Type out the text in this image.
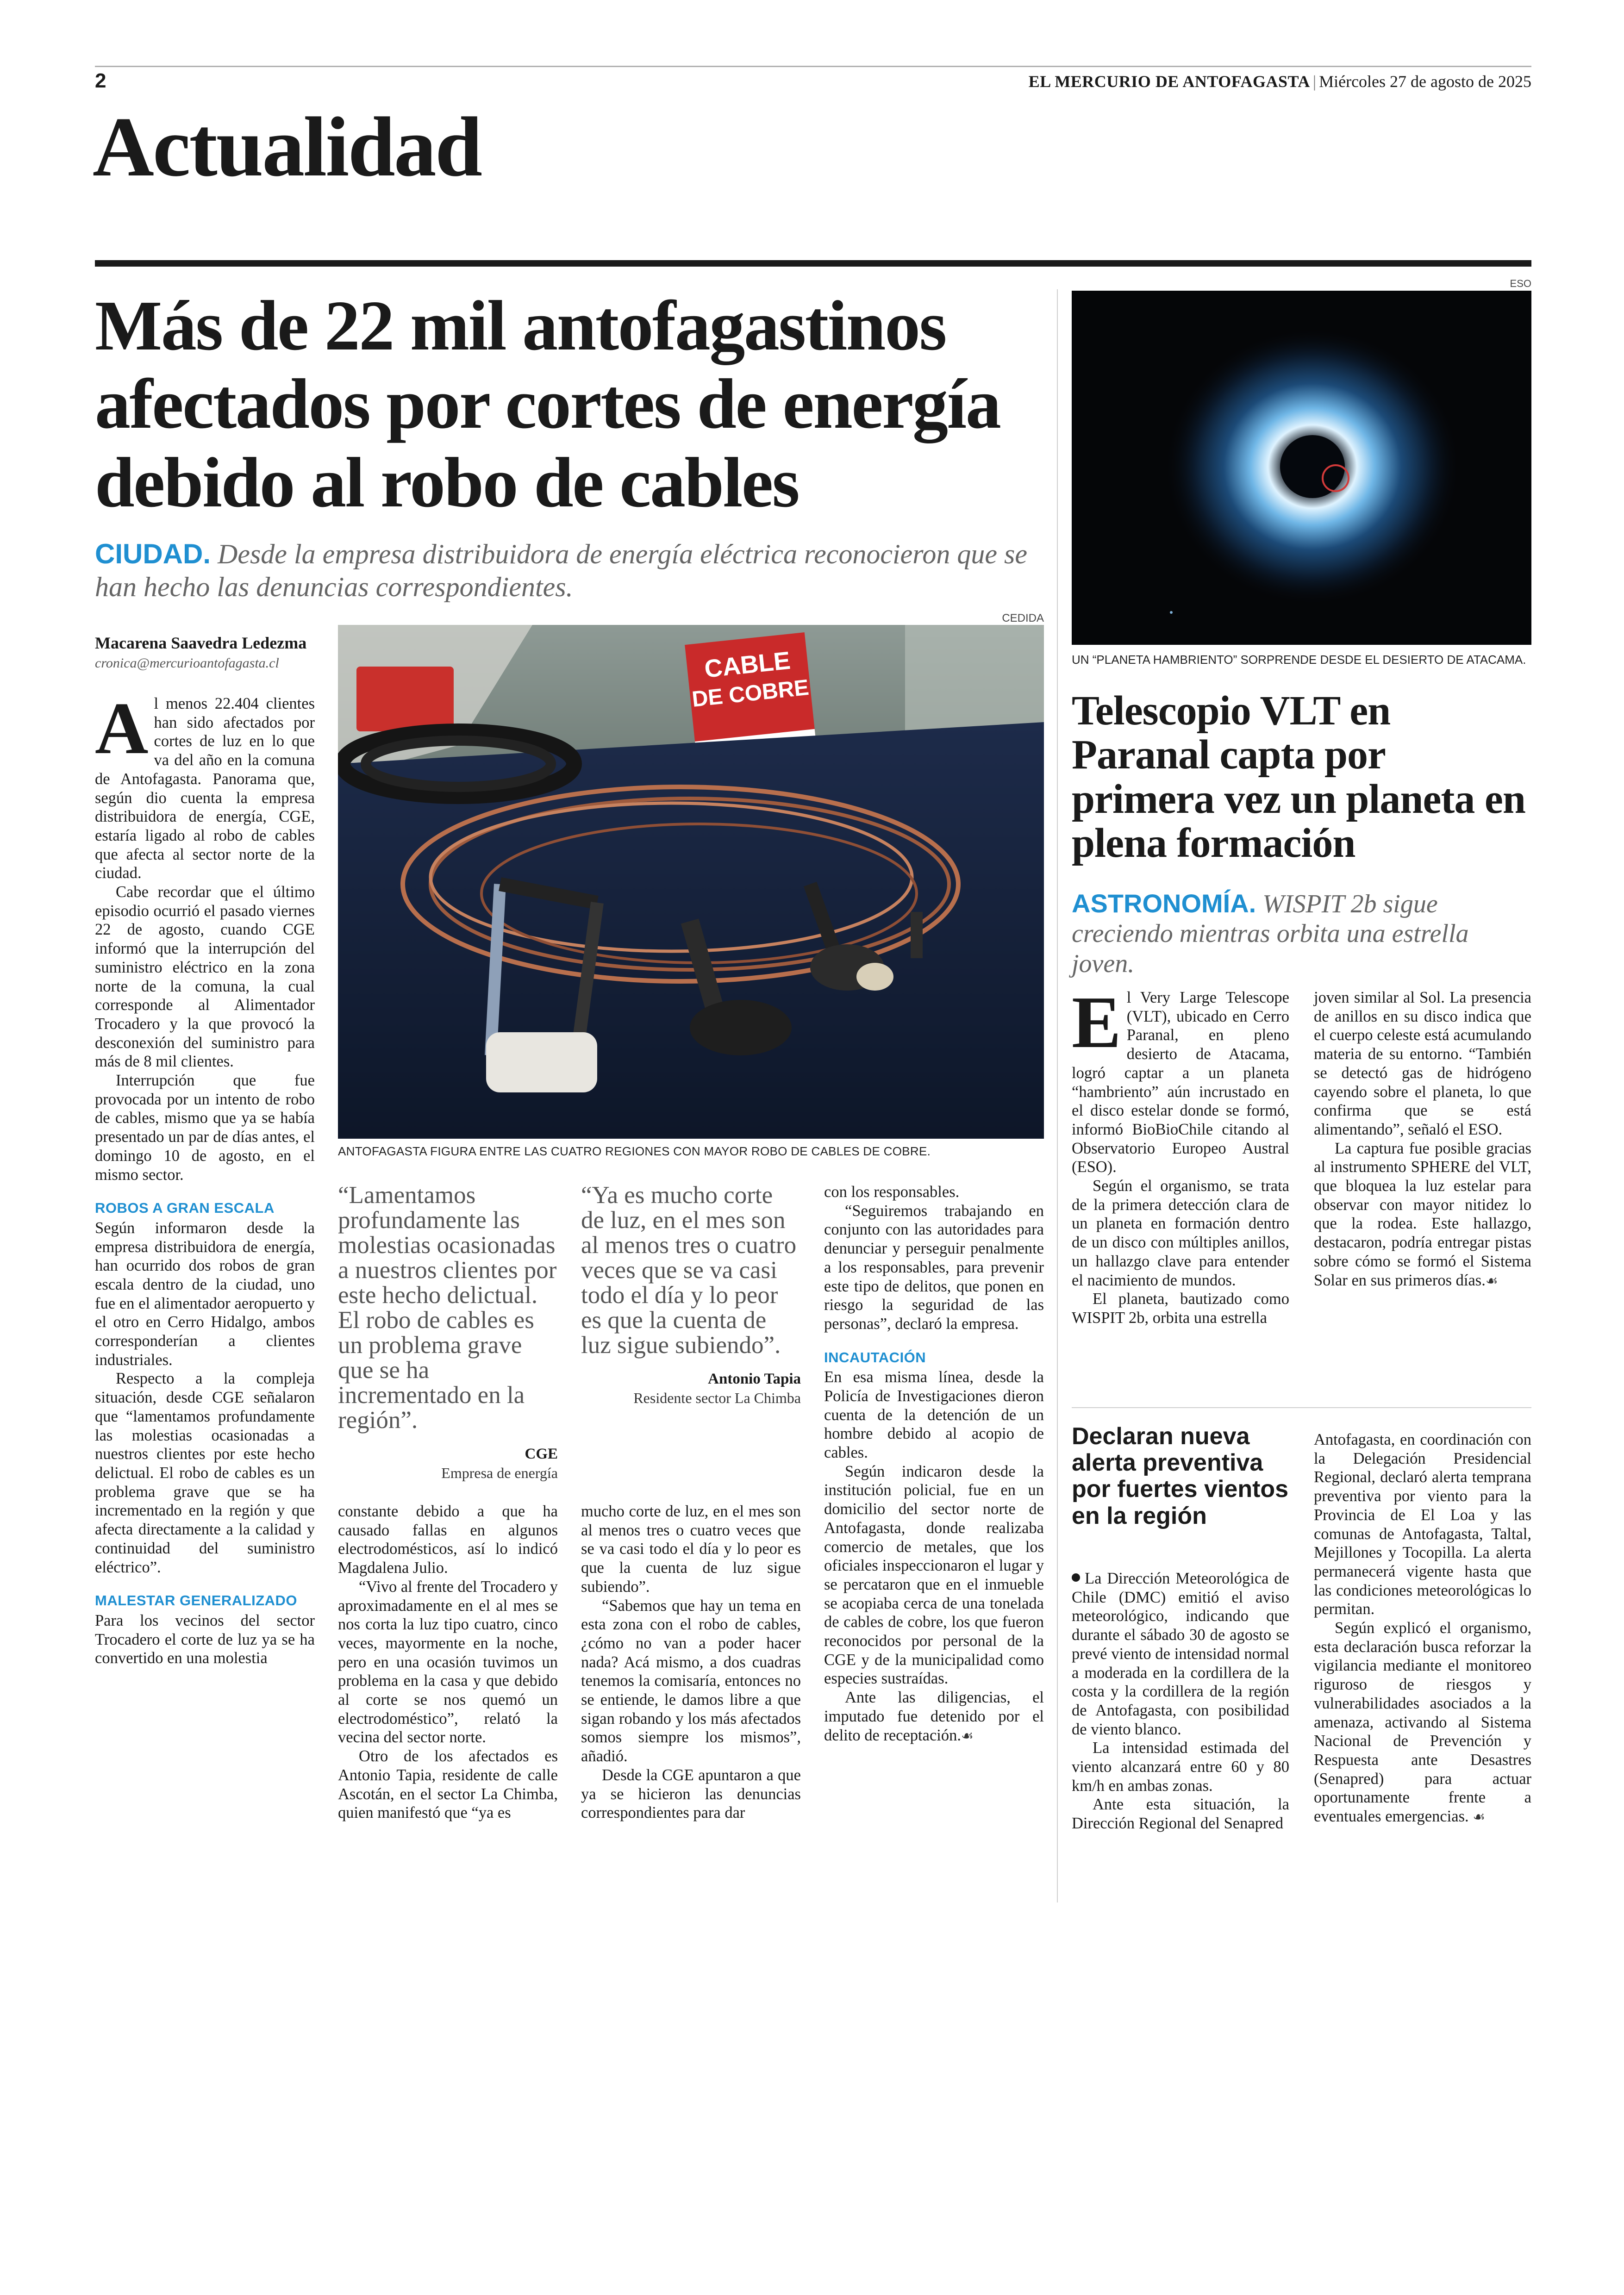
2	EL MERCURIO DE ANTOFAGASTA | Miércoles 27 de agosto de 2025
Actualidad
Más de 22 mil antofagastinos afectados por cortes de energía debido al robo de cables
CIUDAD. Desde la empresa distribuidora de energía eléctrica reconocieron que se han hecho las denuncias correspondientes.
Macarena Saavedra Ledezma
cronica@mercurioantofagasta.cl

Al menos 22.404 clientes han sido afectados por cortes de luz en lo que va del año en la comuna de Antofagasta. Panorama que, según dio cuenta la empresa distribuidora de energía, CGE, estaría ligado al robo de cables que afecta al sector norte de la ciudad.

Cabe recordar que el último episodio ocurrió el pasado viernes 22 de agosto, cuando CGE informó que la interrupción del suministro eléctrico en la zona norte de la comuna, la cual corresponde al Alimentador Trocadero y la que provocó la desconexión del suministro para más de 8 mil clientes.

Interrupción que fue provocada por un intento de robo de cables, mismo que ya se había presentado un par de días antes, el domingo 10 de agosto, en el mismo sector.

ROBOS A GRAN ESCALA

Según informaron desde la empresa distribuidora de energía, han ocurrido dos robos de gran escala dentro de la ciudad, uno fue en el alimentador aeropuerto y el otro en Cerro Hidalgo, ambos corresponderían a clientes industriales.

Respecto a la compleja situación, desde CGE señalaron que “lamentamos profundamente las molestias ocasionadas a nuestros clientes por este hecho delictual. El robo de cables es un problema grave que se ha incrementado en la región y que afecta directamente a la calidad y continuidad del suministro eléctrico”.

MALESTAR GENERALIZADO

Para los vecinos del sector Trocadero el corte de luz ya se ha convertido en una molestia

CEDIDA
CABLE
DE COBRE
ANTOFAGASTA FIGURA ENTRE LAS CUATRO REGIONES CON MAYOR ROBO DE CABLES DE COBRE.
“Lamentamos profundamente las molestias ocasionadas a nuestros clientes por este hecho delictual. El robo de cables es un problema grave que se ha incrementado en la región”.
CGE
Empresa de energía
“Ya es mucho corte de luz, en el mes son al menos tres o cuatro veces que se va casi todo el día y lo peor es que la cuenta de luz sigue subiendo”.
Antonio Tapia
Residente sector La Chimba

constante debido a que ha causado fallas en algunos electrodomésticos, así lo indicó Magdalena Julio.

“Vivo al frente del Trocadero y aproximadamente en el al mes se nos corta la luz tipo cuatro, cinco veces, mayormente en la noche, pero en una ocasión tuvimos un problema en la casa y que debido al corte se nos quemó un electrodoméstico”, relató la vecina del sector norte.

Otro de los afectados es Antonio Tapia, residente de calle Ascotán, en el sector La Chimba, quien manifestó que “ya es

mucho corte de luz, en el mes son al menos tres o cuatro veces que se va casi todo el día y lo peor es que la cuenta de luz sigue subiendo”.

“Sabemos que hay un tema en esta zona con el robo de cables, ¿cómo no van a poder hacer nada? Acá mismo, a dos cuadras tenemos la comisaría, entonces no se entiende, le damos libre a que sigan robando y los más afectados somos siempre los mismos”, añadió.

Desde la CGE apuntaron a que ya se hicieron las denuncias correspondientes para dar

con los responsables.

“Seguiremos trabajando en conjunto con las autoridades para denunciar y perseguir penalmente a los responsables, para prevenir este tipo de delitos, que ponen en riesgo la seguridad de las personas”, declaró la empresa.

INCAUTACIÓN

En esa misma línea, desde la Policía de Investigaciones dieron cuenta de la detención de un hombre debido al acopio de cables.

Según indicaron desde la institución policial, fue en un domicilio del sector norte de Antofagasta, donde realizaba comercio de metales, que los oficiales inspeccionaron el lugar y se percataron que en el inmueble se acopiaba cerca de una tonelada de cables de cobre, los que fueron reconocidos por personal de la CGE y de la municipalidad como especies sustraídas.

Ante las diligencias, el imputado fue detenido por el delito de receptación.☙

ESO
UN “PLANETA HAMBRIENTO” SORPRENDE DESDE EL DESIERTO DE ATACAMA.
Telescopio VLT en Paranal capta por primera vez un planeta en plena formación
ASTRONOMÍA. WISPIT 2b sigue creciendo mientras orbita una estrella joven.

El Very Large Telescope (VLT), ubicado en Cerro Paranal, en pleno desierto de Atacama, logró captar a un planeta “hambriento” aún incrustado en el disco estelar donde se formó, informó BioBioChile citando al Observatorio Europeo Austral (ESO).

Según el organismo, se trata de la primera detección clara de un planeta en formación dentro de un disco con múltiples anillos, un hallazgo clave para entender el nacimiento de mundos.

El planeta, bautizado como WISPIT 2b, orbita una estrella

joven similar al Sol. La presencia de anillos en su disco indica que el cuerpo celeste está acumulando materia de su entorno. “También se detectó gas de hidrógeno cayendo sobre el planeta, lo que confirma que se está alimentando”, señaló el ESO.

La captura fue posible gracias al instrumento SPHERE del VLT, que bloquea la luz estelar para observar con mayor nitidez lo que la rodea. Este hallazgo, destacaron, podría entregar pistas sobre cómo se formó el Sistema Solar en sus primeros días.☙

Declaran nueva alerta preventiva por fuertes vientos en la región

La Dirección Meteorológica de Chile (DMC) emitió el aviso meteorológico, indicando que durante el sábado 30 de agosto se prevé viento de intensidad normal a moderada en la cordillera de la costa y la cordillera de la región de Antofagasta, con posibilidad de viento blanco.

La intensidad estimada del viento alcanzará entre 60 y 80 km/h en ambas zonas.

Ante esta situación, la Dirección Regional del Senapred

Antofagasta, en coordinación con la Delegación Presidencial Regional, declaró alerta temprana preventiva por viento para la Provincia de El Loa y las comunas de Antofagasta, Taltal, Mejillones y Tocopilla. La alerta permanecerá vigente hasta que las condiciones meteorológicas lo permitan.

Según explicó el organismo, esta declaración busca reforzar la vigilancia mediante el monitoreo riguroso de riesgos y vulnerabilidades asociados a la amenaza, activando al Sistema Nacional de Prevención y Respuesta ante Desastres (Senapred) para actuar oportunamente frente a eventuales emergencias. ☙
